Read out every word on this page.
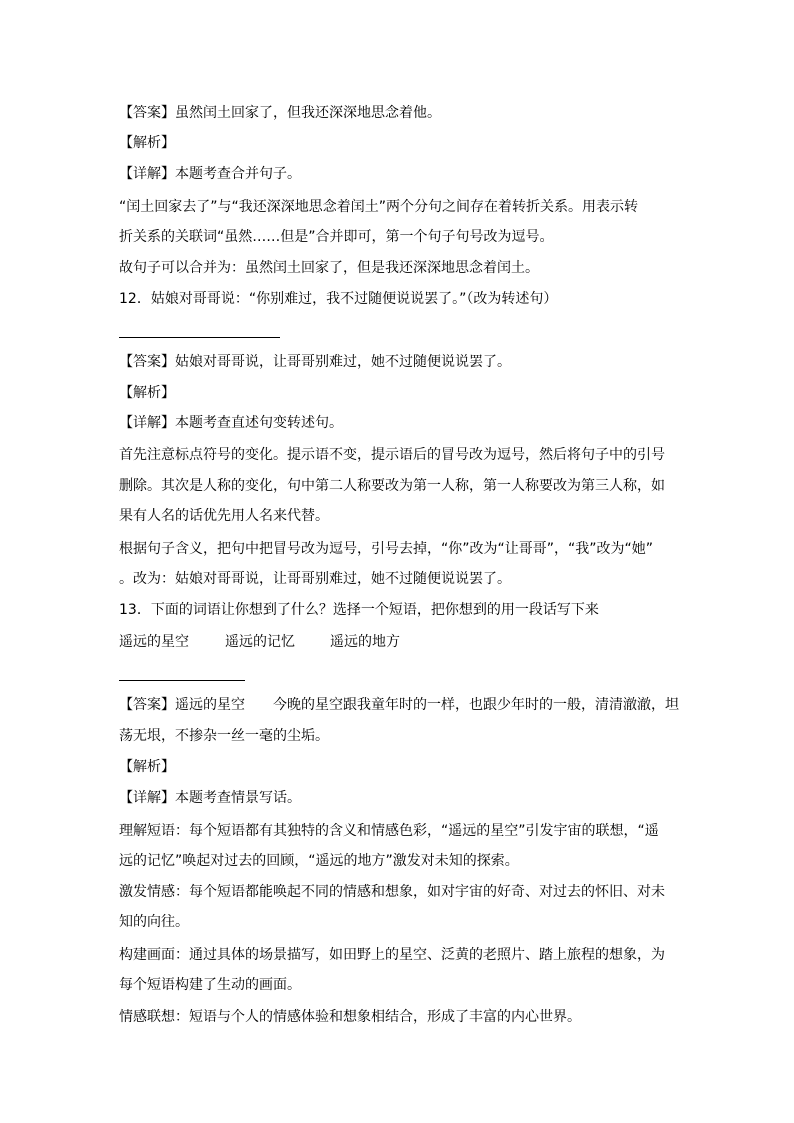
【答案】虽然闰土回家了，但我还深深地思念着他。
【解析】
【详解】本题考查合并句子。
“闰土回家去了”与“我还深深地思念着闰土”两个分句之间存在着转折关系。用表示转
折关系的关联词“虽然……但是”合并即可，第一个句子句号改为逗号。
故句子可以合并为：虽然闰土回家了，但是我还深深地思念着闰土。
12．姑娘对哥哥说：“你别难过，我不过随便说说罢了。”（改为转述句）
【答案】姑娘对哥哥说，让哥哥别难过，她不过随便说说罢了。
【解析】
【详解】本题考查直述句变转述句。
首先注意标点符号的变化。提示语不变，提示语后的冒号改为逗号，然后将句子中的引号
删除。其次是人称的变化，句中第二人称要改为第一人称，第一人称要改为第三人称，如
果有人名的话优先用人名来代替。
根据句子含义，把句中把冒号改为逗号，引号去掉，“你”改为“让哥哥”，“我”改为“她”
。改为：姑娘对哥哥说，让哥哥别难过，她不过随便说说罢了。
13．下面的词语让你想到了什么？选择一个短语，把你想到的用一段话写下来
遥远的星空	遥远的记忆	遥远的地方
【答案】遥远的星空　　今晚的星空跟我童年时的一样，也跟少年时的一般，清清澈澈，坦
荡无垠，不掺杂一丝一毫的尘垢。
【解析】
【详解】本题考查情景写话。
理解短语：每个短语都有其独特的含义和情感色彩，“遥远的星空”引发宇宙的联想，“遥
远的记忆”唤起对过去的回顾，“遥远的地方”激发对未知的探索。
激发情感：每个短语都能唤起不同的情感和想象，如对宇宙的好奇、对过去的怀旧、对未
知的向往。
构建画面：通过具体的场景描写，如田野上的星空、泛黄的老照片、踏上旅程的想象，为
每个短语构建了生动的画面。
情感联想：短语与个人的情感体验和想象相结合，形成了丰富的内心世界。
